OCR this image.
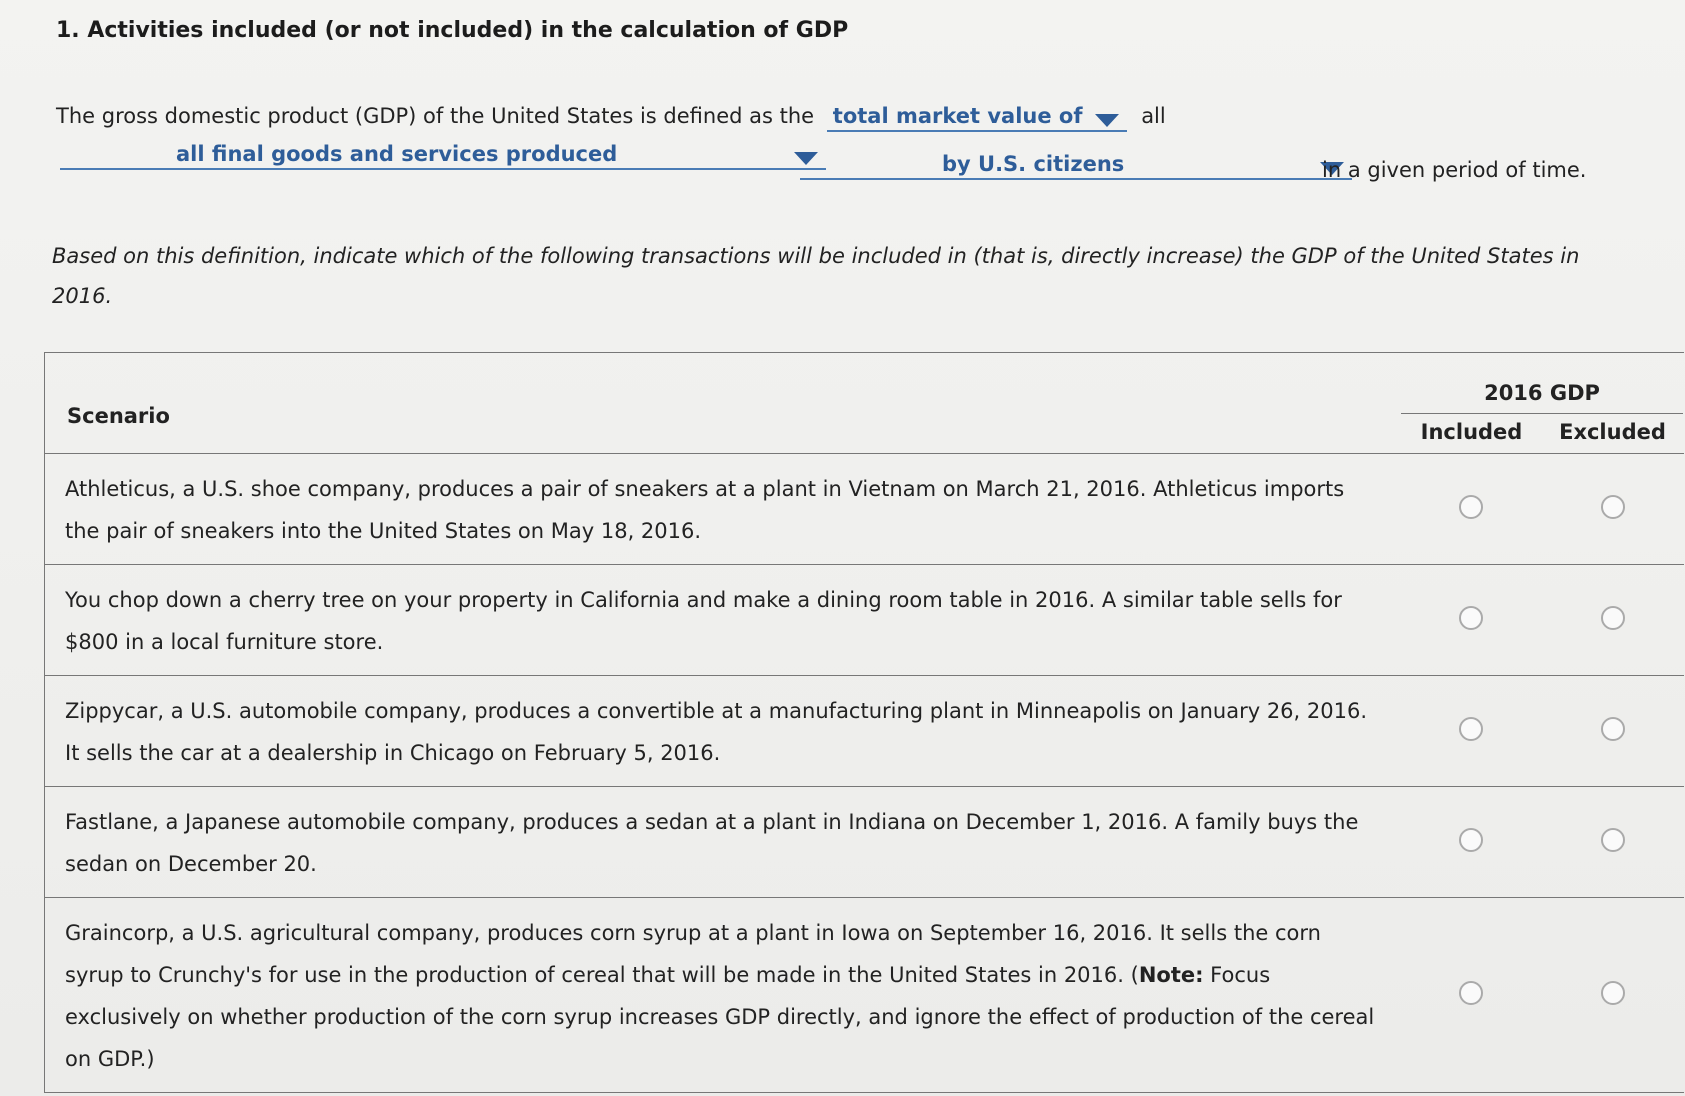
1. Activities included (or not included) in the calculation of GDP
The gross domestic product (GDP) of the United States is defined as the total market value of	all
all final goods and services produced	by U.S. citizens	in a given period of time.
Based on this definition, indicate which of the following transactions will be included in (that is, directly increase) the GDP of the United States in 2016.
Scenario	2016 GDP
Included Excluded	

Athleticus, a U.S. shoe company, produces a pair of sneakers at a plant in Vietnam on March 21, 2016. Athleticus imports the pair of sneakers into the United States on May 18, 2016.		
You chop down a cherry tree on your property in California and make a dining room table in 2016. A similar table sells for $800 in a local furniture store.		
Zippycar, a U.S. automobile company, produces a convertible at a manufacturing plant in Minneapolis on January 26, 2016. It sells the car at a dealership in Chicago on February 5, 2016.		
Fastlane, a Japanese automobile company, produces a sedan at a plant in Indiana on December 1, 2016. A family buys the sedan on December 20.		
Graincorp, a U.S. agricultural company, produces corn syrup at a plant in Iowa on September 16, 2016. It sells the corn syrup to Crunchy's for use in the production of cereal that will be made in the United States in 2016. (Note: Focus exclusively on whether production of the corn syrup increases GDP directly, and ignore the effect of production of the cereal on GDP.)		
